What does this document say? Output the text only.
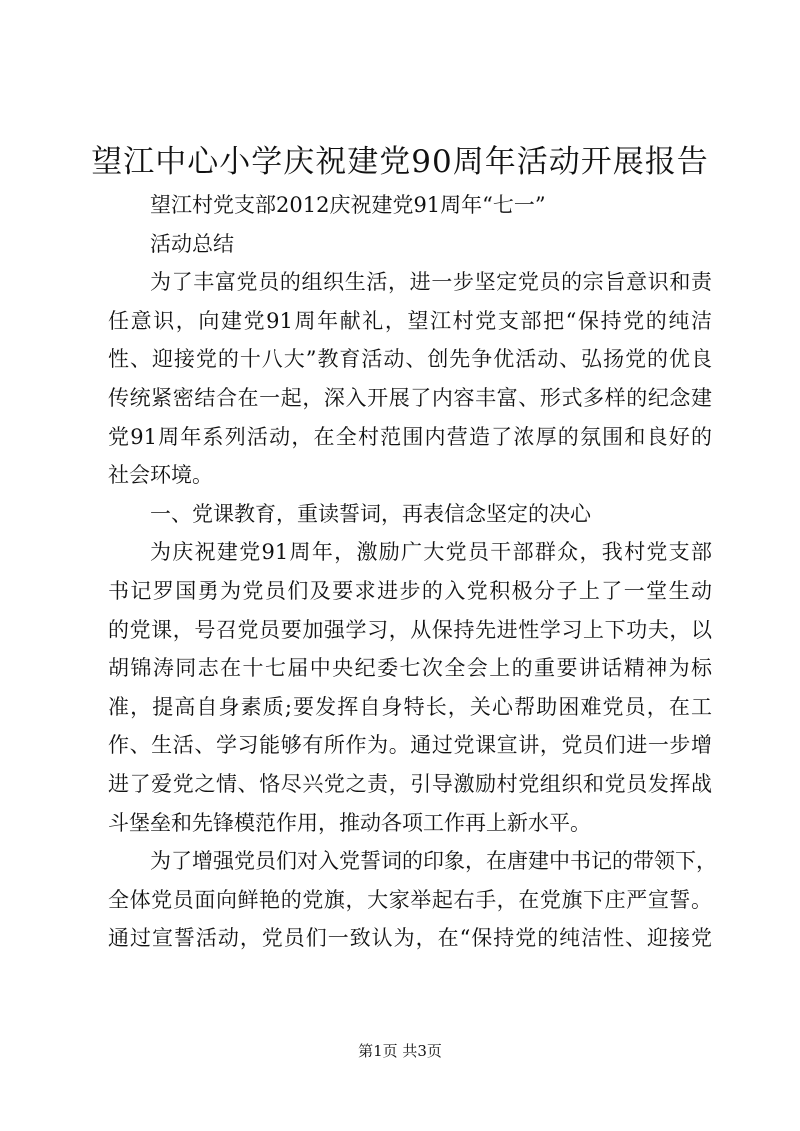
望江中心小学庆祝建党90周年活动开展报告
望江村党支部2012庆祝建党91周年“七一”
活动总结
为了丰富党员的组织生活，进一步坚定党员的宗旨意识和责
任意识，向建党91周年献礼，望江村党支部把“保持党的纯洁
性、迎接党的十八大”教育活动、创先争优活动、弘扬党的优良
传统紧密结合在一起，深入开展了内容丰富、形式多样的纪念建
党91周年系列活动，在全村范围内营造了浓厚的氛围和良好的
社会环境。
一、党课教育，重读誓词，再表信念坚定的决心
为庆祝建党91周年，激励广大党员干部群众，我村党支部
书记罗国勇为党员们及要求进步的入党积极分子上了一堂生动
的党课，号召党员要加强学习，从保持先进性学习上下功夫，以
胡锦涛同志在十七届中央纪委七次全会上的重要讲话精神为标
准，提高自身素质;要发挥自身特长，关心帮助困难党员，在工
作、生活、学习能够有所作为。通过党课宣讲，党员们进一步增
进了爱党之情、恪尽兴党之责，引导激励村党组织和党员发挥战
斗堡垒和先锋模范作用，推动各项工作再上新水平。
为了增强党员们对入党誓词的印象，在唐建中书记的带领下，
全体党员面向鲜艳的党旗，大家举起右手，在党旗下庄严宣誓。
通过宣誓活动，党员们一致认为，在“保持党的纯洁性、迎接党
第1页 共3页
